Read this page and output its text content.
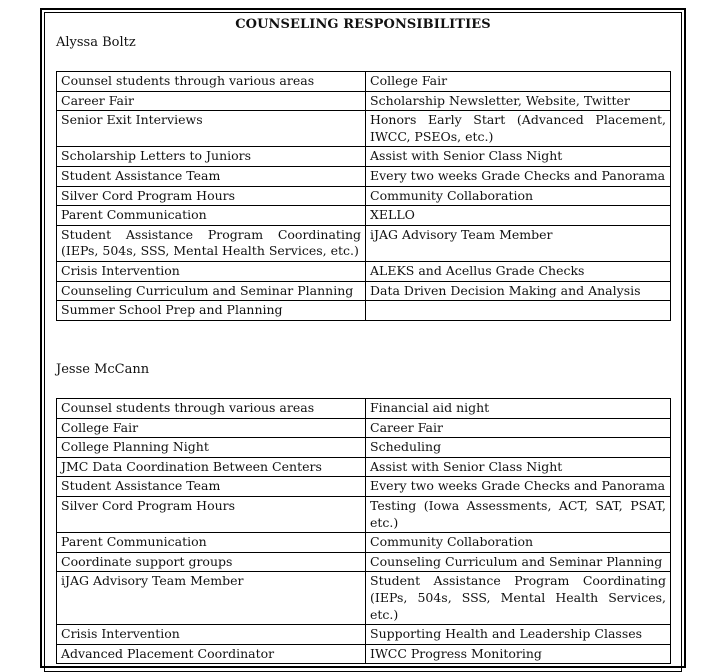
COUNSELING RESPONSIBILITIES
Alyssa Boltz
Counsel students through various areas	College Fair
Career Fair	Scholarship Newsletter, Website, Twitter
Senior Exit Interviews	Honors Early Start (Advanced Placement, IWCC, PSEOs, etc.)
Scholarship Letters to Juniors	Assist with Senior Class Night
Student Assistance Team	Every two weeks Grade Checks and Panorama
Silver Cord Program Hours	Community Collaboration
Parent Communication	XELLO
Student Assistance Program Coordinating (IEPs, 504s, SSS, Mental Health Services, etc.)	iJAG Advisory Team Member
Crisis Intervention	ALEKS and Acellus Grade Checks
Counseling Curriculum and Seminar Planning	Data Driven Decision Making and Analysis
Summer School Prep and Planning	
Jesse McCann
Counsel students through various areas	Financial aid night
College Fair	Career Fair
College Planning Night	Scheduling
JMC Data Coordination Between Centers	Assist with Senior Class Night
Student Assistance Team	Every two weeks Grade Checks and Panorama
Silver Cord Program Hours	Testing (Iowa Assessments, ACT, SAT, PSAT, etc.)
Parent Communication	Community Collaboration
Coordinate support groups	Counseling Curriculum and Seminar Planning
iJAG Advisory Team Member	Student Assistance Program Coordinating (IEPs, 504s, SSS, Mental Health Services, etc.)
Crisis Intervention	Supporting Health and Leadership Classes
Advanced Placement Coordinator	IWCC Progress Monitoring
